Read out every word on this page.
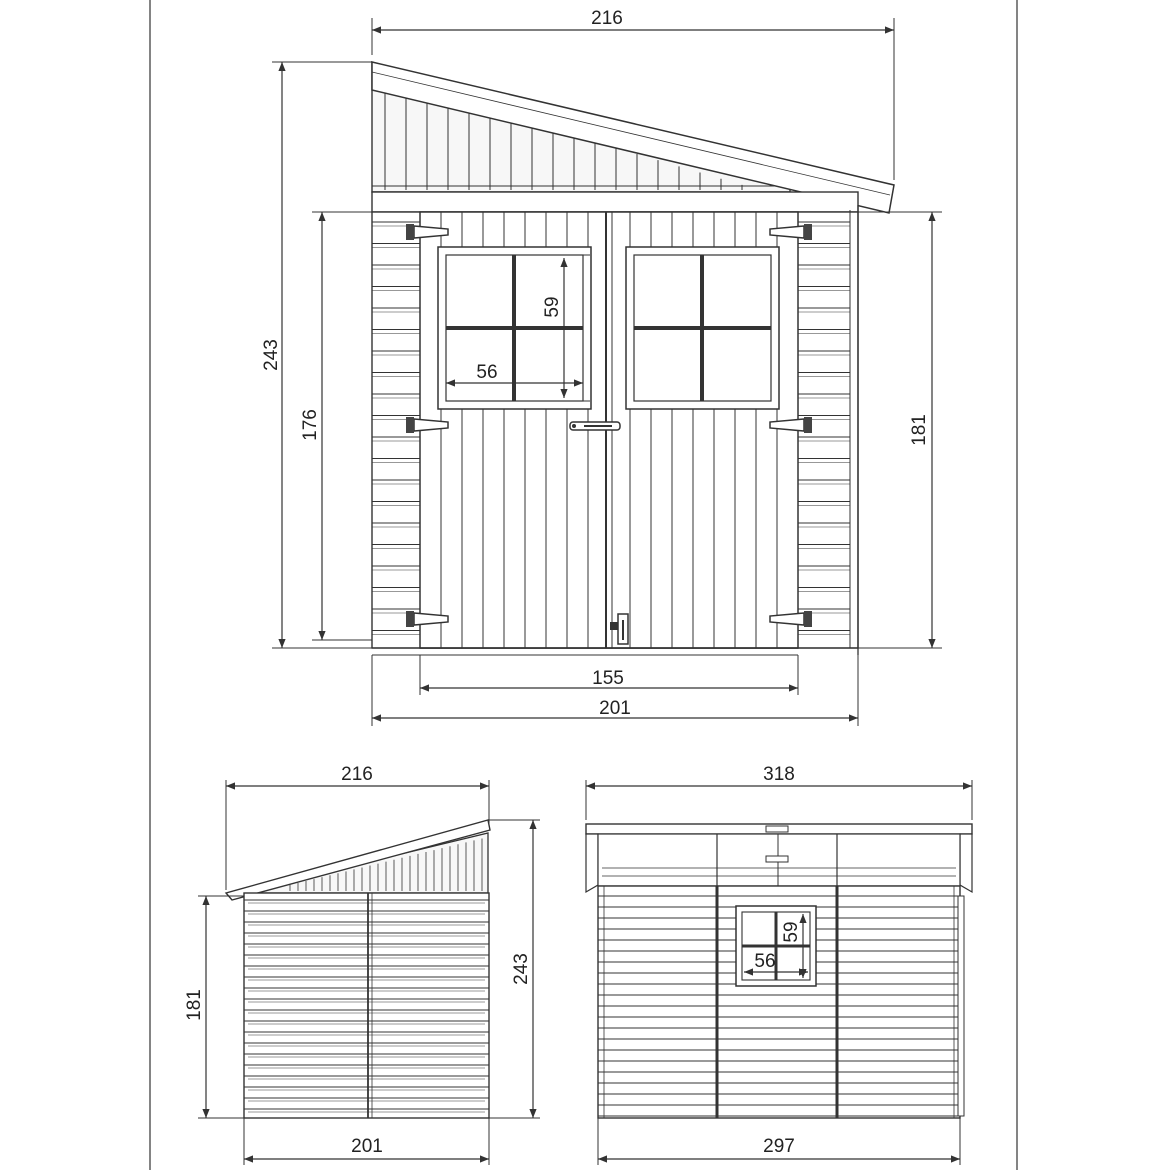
216
243
176	181
155
201
59
56
216
243
181
201
318
297
59
56
